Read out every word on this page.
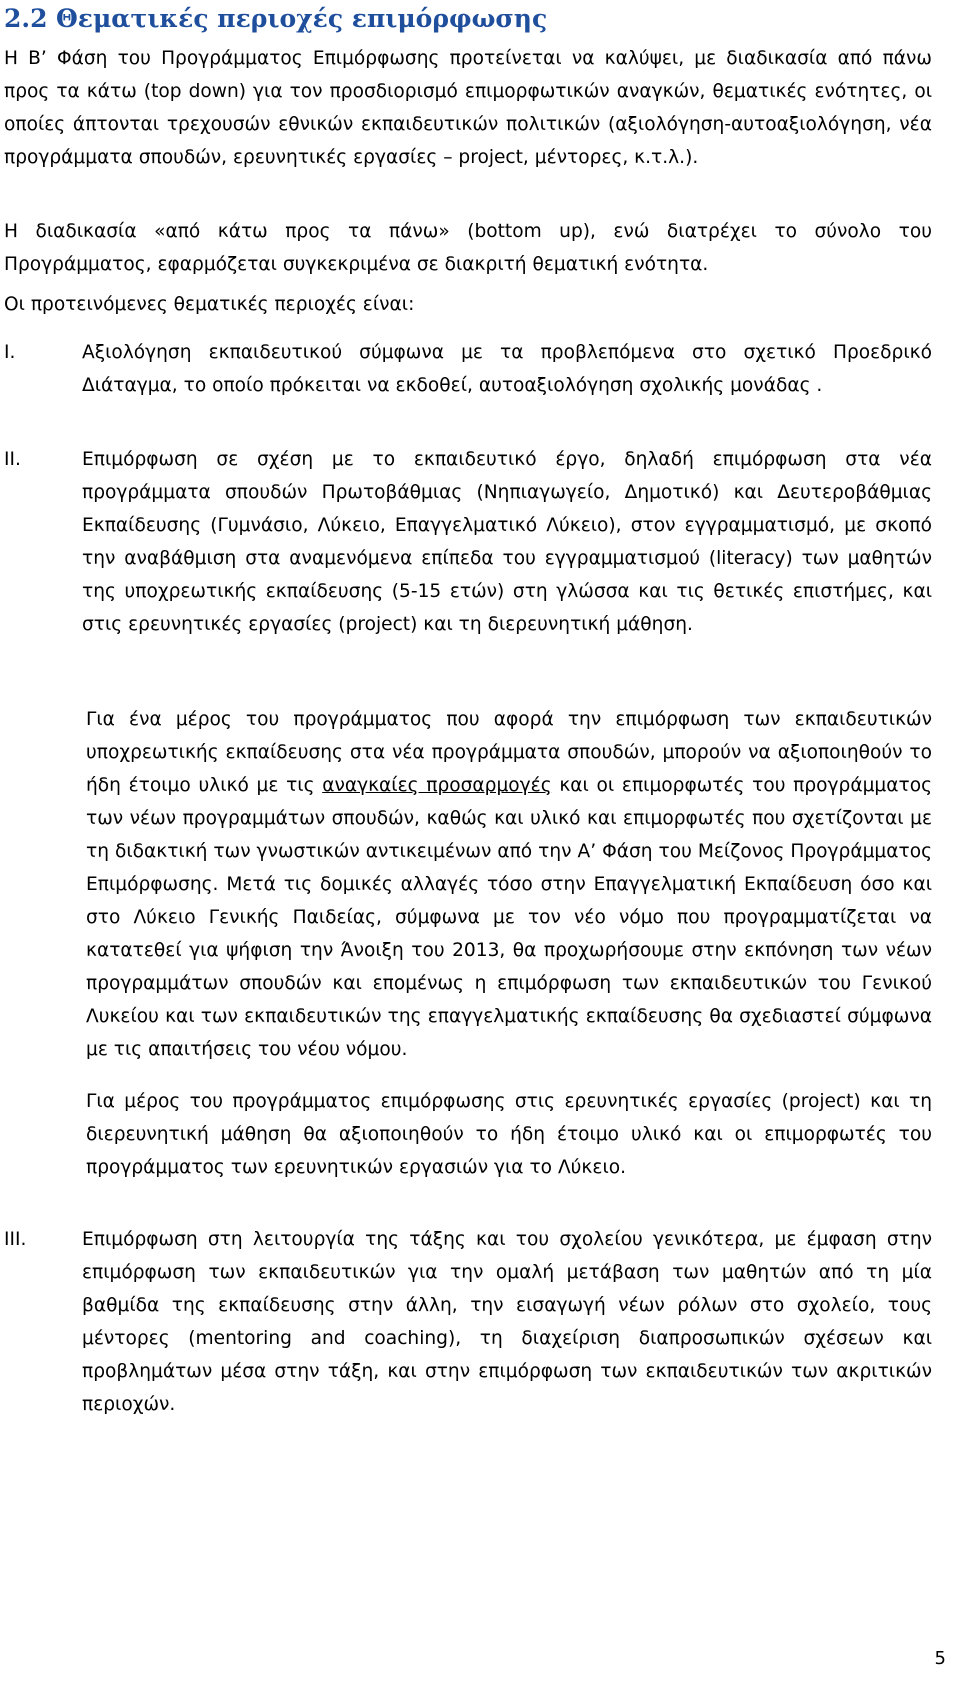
2.2 Θεματικές περιοχές επιμόρφωσης

Η Β’ Φάση του Προγράμματος Επιμόρφωσης προτείνεται να καλύψει, με διαδικασία από πάνω προς τα κάτω (top down) για τον προσδιορισμό επιμορφωτικών αναγκών, θεματικές ενότητες, οι οποίες άπτονται τρεχουσών εθνικών εκπαιδευτικών πολιτικών (αξιολόγηση-αυτοαξιολόγηση, νέα προγράμματα σπουδών, ερευνητικές εργασίες – project, μέντορες, κ.τ.λ.).

Η διαδικασία «από κάτω προς τα πάνω» (bottom up), ενώ διατρέχει το σύνολο του Προγράμματος, εφαρμόζεται συγκεκριμένα σε διακριτή θεματική ενότητα.

Οι προτεινόμενες θεματικές περιοχές είναι:

I.	Αξιολόγηση εκπαιδευτικού σύμφωνα με τα προβλεπόμενα στο σχετικό Προεδρικό Διάταγμα, το οποίο πρόκειται να εκδοθεί, αυτοαξιολόγηση σχολικής μονάδας .

II.	Επιμόρφωση σε σχέση με το εκπαιδευτικό έργο, δηλαδή επιμόρφωση στα νέα προγράμματα σπουδών Πρωτοβάθμιας (Νηπιαγωγείο, Δημοτικό) και Δευτεροβάθμιας Εκπαίδευσης (Γυμνάσιο, Λύκειο, Επαγγελματικό Λύκειο), στον εγγραμματισμό, με σκοπό την αναβάθμιση στα αναμενόμενα επίπεδα του εγγραμματισμού (literacy) των μαθητών της υποχρεωτικής εκπαίδευσης (5-15 ετών) στη γλώσσα και τις θετικές επιστήμες, και στις ερευνητικές εργασίες (project) και τη διερευνητική μάθηση.

Για ένα μέρος του προγράμματος που αφορά την επιμόρφωση των εκπαιδευτικών υποχρεωτικής εκπαίδευσης στα νέα προγράμματα σπουδών, μπορούν να αξιοποιηθούν το ήδη έτοιμο υλικό με τις αναγκαίες προσαρμογές και οι επιμορφωτές του προγράμματος των νέων προγραμμάτων σπουδών, καθώς και υλικό και επιμορφωτές που σχετίζονται με τη διδακτική των γνωστικών αντικειμένων από την Α’ Φάση του Μείζονος Προγράμματος Επιμόρφωσης. Μετά τις δομικές αλλαγές τόσο στην Επαγγελματική Εκπαίδευση όσο και στο Λύκειο Γενικής Παιδείας, σύμφωνα με τον νέο νόμο που προγραμματίζεται να κατατεθεί για ψήφιση την Άνοιξη του 2013, θα προχωρήσουμε στην εκπόνηση των νέων προγραμμάτων σπουδών και επομένως η επιμόρφωση των εκπαιδευτικών του Γενικού Λυκείου και των εκπαιδευτικών της επαγγελματικής εκπαίδευσης θα σχεδιαστεί σύμφωνα με τις απαιτήσεις του νέου νόμου.

Για μέρος του προγράμματος επιμόρφωσης στις ερευνητικές εργασίες (project) και τη διερευνητική μάθηση θα αξιοποιηθούν το ήδη έτοιμο υλικό και οι επιμορφωτές του προγράμματος των ερευνητικών εργασιών για το Λύκειο.

III.	Επιμόρφωση στη λειτουργία της τάξης και του σχολείου γενικότερα, με έμφαση στην επιμόρφωση των εκπαιδευτικών για την ομαλή μετάβαση των μαθητών από τη μία βαθμίδα της εκπαίδευσης στην άλλη, την εισαγωγή νέων ρόλων στο σχολείο, τους μέντορες (mentoring and coaching), τη διαχείριση διαπροσωπικών σχέσεων και προβλημάτων μέσα στην τάξη, και στην επιμόρφωση των εκπαιδευτικών των ακριτικών περιοχών.

5
